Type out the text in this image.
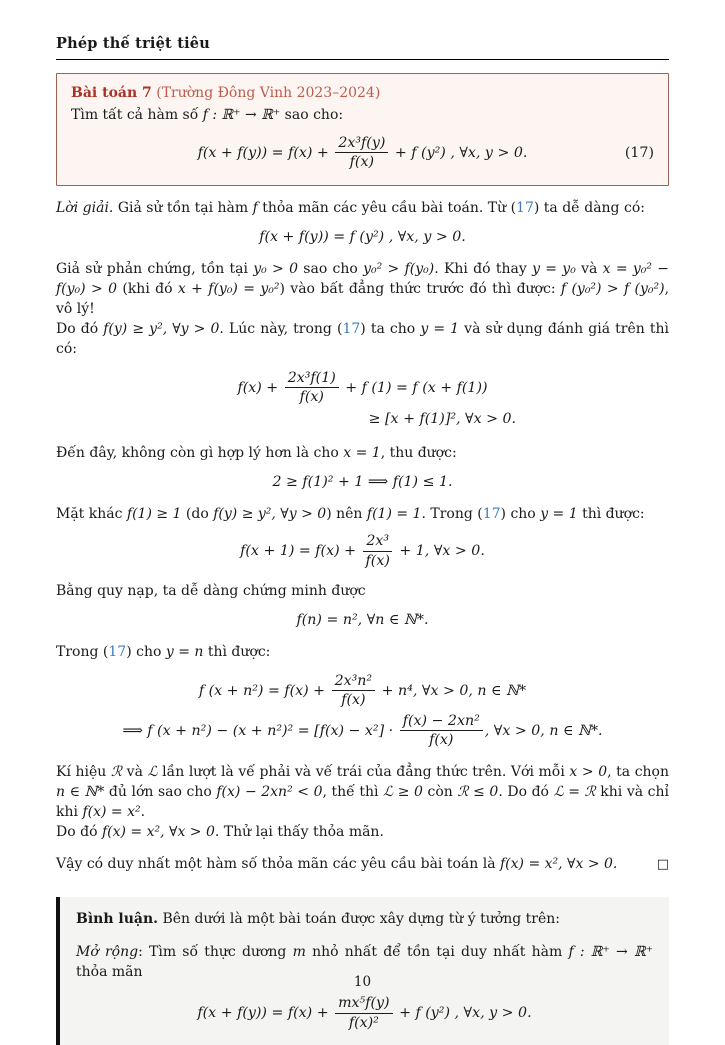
Phép thế triệt tiêu
Bài toán 7 (Trường Đông Vinh 2023–2024)
Tìm tất cả hàm số f : ℝ⁺ → ℝ⁺ sao cho:
$f(x + f(y)) = f(x) + \frac{\text{2x³f(y)}}{f(x)} + f$ (y²) , ∀x, y > 0.	(17)
Lời giải. Giả sử tồn tại hàm f thỏa mãn các yêu cầu bài toán. Từ (17) ta dễ dàng có:
f(x + f(y)) = f (y²) , ∀x, y > 0.
Giả sử phản chứng, tồn tại y₀ > 0 sao cho y₀² > f(y₀). Khi đó thay y = y₀ và x = y₀² − f(y₀) > 0 (khi đó x + f(y₀) = y₀²) vào bất đẳng thức trước đó thì được: f (y₀²) > f (y₀²), vô lý!
Do đó f(y) ≥ y², ∀y > 0. Lúc này, trong (17) ta cho y = 1 và sử dụng đánh giá trên thì có:
$f(x) + \frac{\text{2x³f(1)}}{f(x)} + f$ (1) = f (x + f(1))
≥ [x + f(1)]², ∀x > 0.
Đến đây, không còn gì hợp lý hơn là cho x = 1, thu được:
2 ≥ f(1)² + 1 ⟹ f(1) ≤ 1.
Mặt khác f(1) ≥ 1 (do f(y) ≥ y², ∀y > 0) nên f(1) = 1. Trong (17) cho y = 1 thì được:
$f(x + 1) = f(x) + \frac{\text{2x³}}{f(x)} + 1$, ∀x > 0.
Bằng quy nạp, ta dễ dàng chứng minh được
f(n) = n², ∀n ∈ ℕ*.
Trong (17) cho y = n thì được:
f $(x + n^2) = f(x) + \frac{\text{2x³n²}}{f(x)} + n^4$, ∀x > 0, n ∈ ℕ*
⟹ f $(x + n^2) - (x + n^2)^2 = [f(x) - x^2] \cdot \frac{\text{f(x) − 2xn²}}{f(x)}$ , ∀x > 0, n ∈ ℕ*.
Kí hiệu ℛ và ℒ lần lượt là vế phải và vế trái của đẳng thức trên. Với mỗi x > 0, ta chọn n ∈ ℕ* đủ lớn sao cho f(x) − 2xn² < 0, thế thì ℒ ≥ 0 còn ℛ ≤ 0. Do đó ℒ = ℛ khi và chỉ khi f(x) = x².
Do đó f(x) = x², ∀x > 0. Thử lại thấy thỏa mãn.
Vậy có duy nhất một hàm số thỏa mãn các yêu cầu bài toán là f(x) = x², ∀x > 0.	□
Bình luận. Bên dưới là một bài toán được xây dựng từ ý tưởng trên:
Mở rộng: Tìm số thực dương m nhỏ nhất để tồn tại duy nhất hàm f : ℝ⁺ → ℝ⁺ thỏa mãn
$f(x + f(y)) = f(x) + \frac{\text{mx⁵f(y)}}{\text{f(x)²}} + f$ (y²) , ∀x, y > 0.
10
